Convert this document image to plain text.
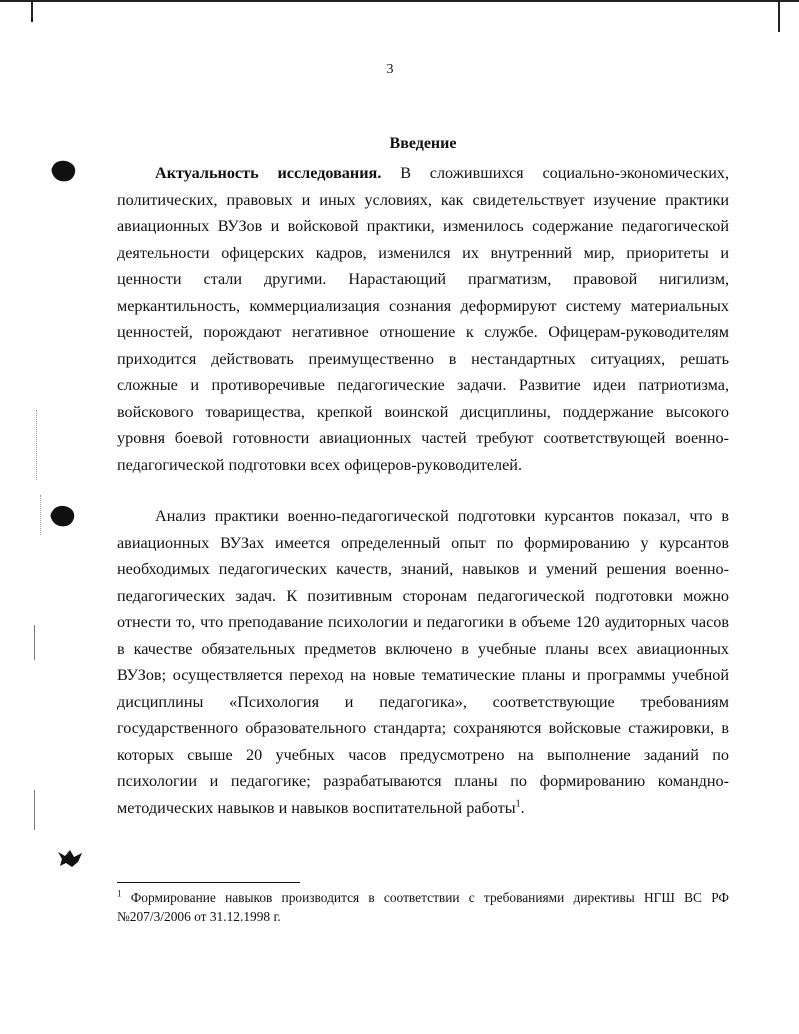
3
Введение

Актуальность исследования. В сложившихся социально-экономических, политических, правовых и иных условиях, как свидетельствует изучение практики авиационных ВУЗов и войсковой практики, изменилось содержание педагогической деятельности офицерских кадров, изменился их внутренний мир, приоритеты и ценности стали другими. Нарастающий прагматизм, правовой нигилизм, меркантильность, коммерциализация сознания деформируют систему материальных ценностей, порождают негативное отношение к службе. Офицерам-руководителям приходится действовать преимущественно в нестандартных ситуациях, решать сложные и противоречивые педагогические задачи. Развитие идеи патриотизма, войскового товарищества, крепкой воинской дисциплины, поддержание высокого уровня боевой готовности авиационных частей требуют соответствующей военно-педагогической подготовки всех офицеров-руководителей.

Анализ практики военно-педагогической подготовки курсантов показал, что в авиационных ВУЗах имеется определенный опыт по формированию у курсантов необходимых педагогических качеств, знаний, навыков и умений решения военно-педагогических задач. К позитивным сторонам педагогической подготовки можно отнести то, что преподавание психологии и педагогики в объеме 120 аудиторных часов в качестве обязательных предметов включено в учебные планы всех авиационных ВУЗов; осуществляется переход на новые тематические планы и программы учебной дисциплины «Психология и педагогика», соответствующие требованиям государственного образовательного стандарта; сохраняются войсковые стажировки, в которых свыше 20 учебных часов предусмотрено на выполнение заданий по психологии и педагогике; разрабатываются планы по формированию командно-методических навыков и навыков воспитательной работы$^1$.

$^1$ Формирование навыков производится в соответствии с требованиями директивы НГШ ВС РФ №207/3/2006 от 31.12.1998 г.
